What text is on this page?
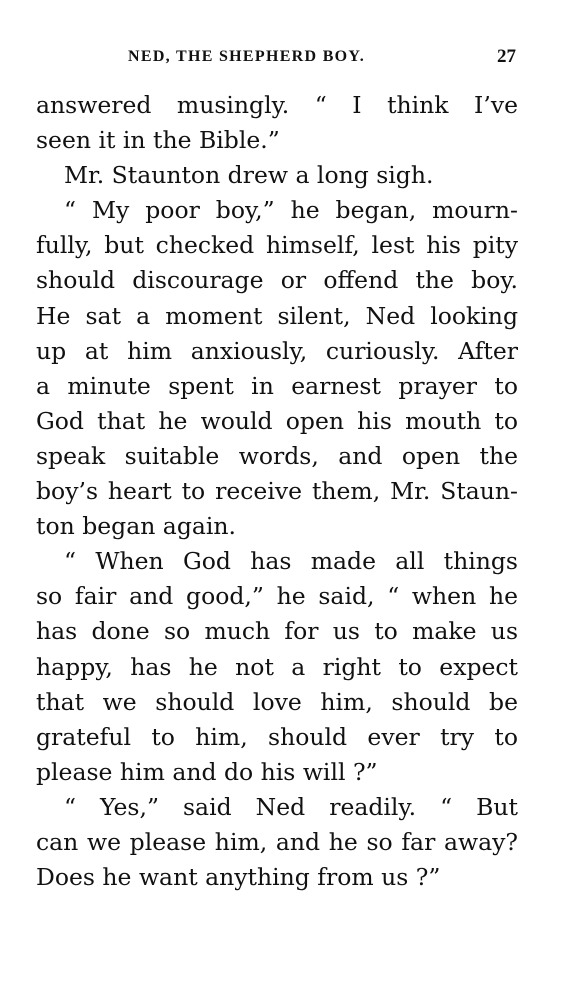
NED, THE SHEPHERD BOY.	27
answered musingly. “ I think I’ve
seen it in the Bible.”
Mr. Staunton drew a long sigh.
“ My poor boy,” he began, mourn-
fully, but checked himself, lest his pity
should discourage or offend the boy.
He sat a moment silent, Ned looking
up at him anxiously, curiously. After
a minute spent in earnest prayer to
God that he would open his mouth to
speak suitable words, and open the
boy’s heart to receive them, Mr. Staun-
ton began again.
“ When God has made all things
so fair and good,” he said, “ when he
has done so much for us to make us
happy, has he not a right to expect
that we should love him, should be
grateful to him, should ever try to
please him and do his will ?”
“ Yes,” said Ned readily. “ But
can we please him, and he so far away?
Does he want anything from us ?”
